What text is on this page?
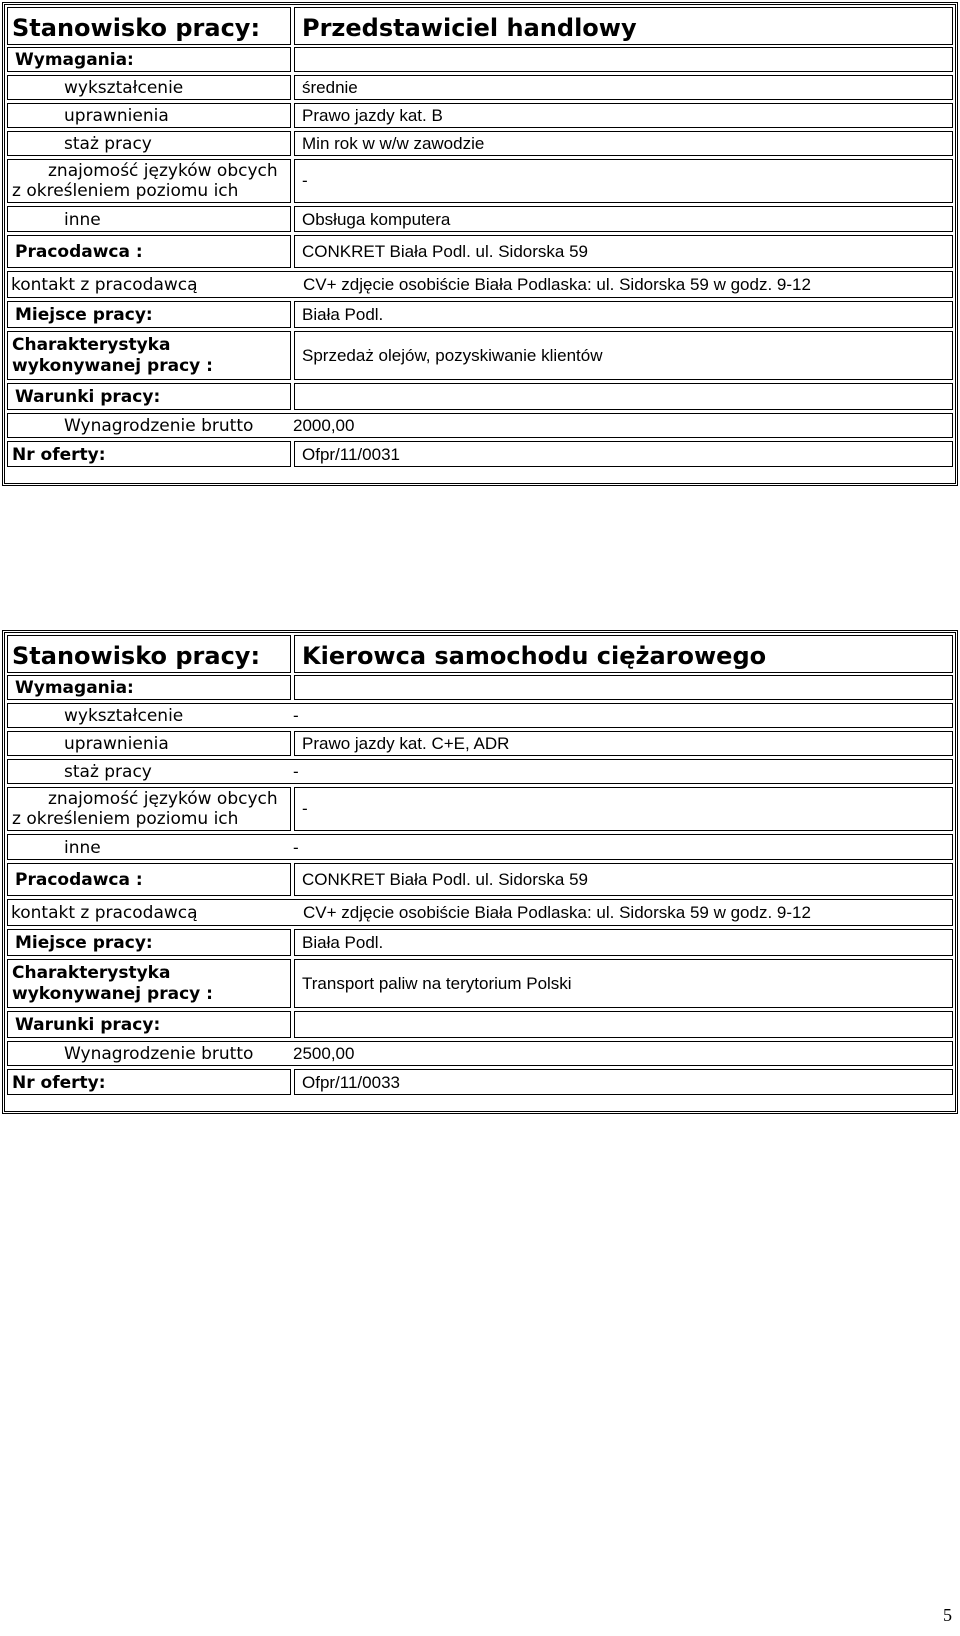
Stanowisko pracy: Przedstawiciel handlowy
Wymagania:
wykształcenie	średnie
uprawnienia	Prawo jazdy kat. B
staż pracy	Min rok w w/w zawodzie
znajomość języków obcych
z określeniem poziomu ich
-
inne	Obsługa komputera
Pracodawca :	CONKRET Biała Podl. ul. Sidorska 59
kontakt z pracodawcą	CV+ zdjęcie osobiście Biała Podlaska: ul. Sidorska 59 w godz. 9-12
Miejsce pracy:	Biała Podl.
Charakterystyka
wykonywanej pracy :
Sprzedaż olejów, pozyskiwanie klientów
Warunki pracy:
Wynagrodzenie brutto 2000,00
Nr oferty:	Ofpr/11/0031
Stanowisko pracy: Kierowca samochodu ciężarowego
Wymagania:
wykształcenie	-
uprawnienia	Prawo jazdy kat. C+E, ADR
staż pracy	-
znajomość języków obcych
z określeniem poziomu ich
-
inne	-
Pracodawca :	CONKRET Biała Podl. ul. Sidorska 59
kontakt z pracodawcą	CV+ zdjęcie osobiście Biała Podlaska: ul. Sidorska 59 w godz. 9-12
Miejsce pracy:	Biała Podl.
Charakterystyka
wykonywanej pracy :
Transport paliw na terytorium Polski
Warunki pracy:
Wynagrodzenie brutto 2500,00
Nr oferty:	Ofpr/11/0033
5
